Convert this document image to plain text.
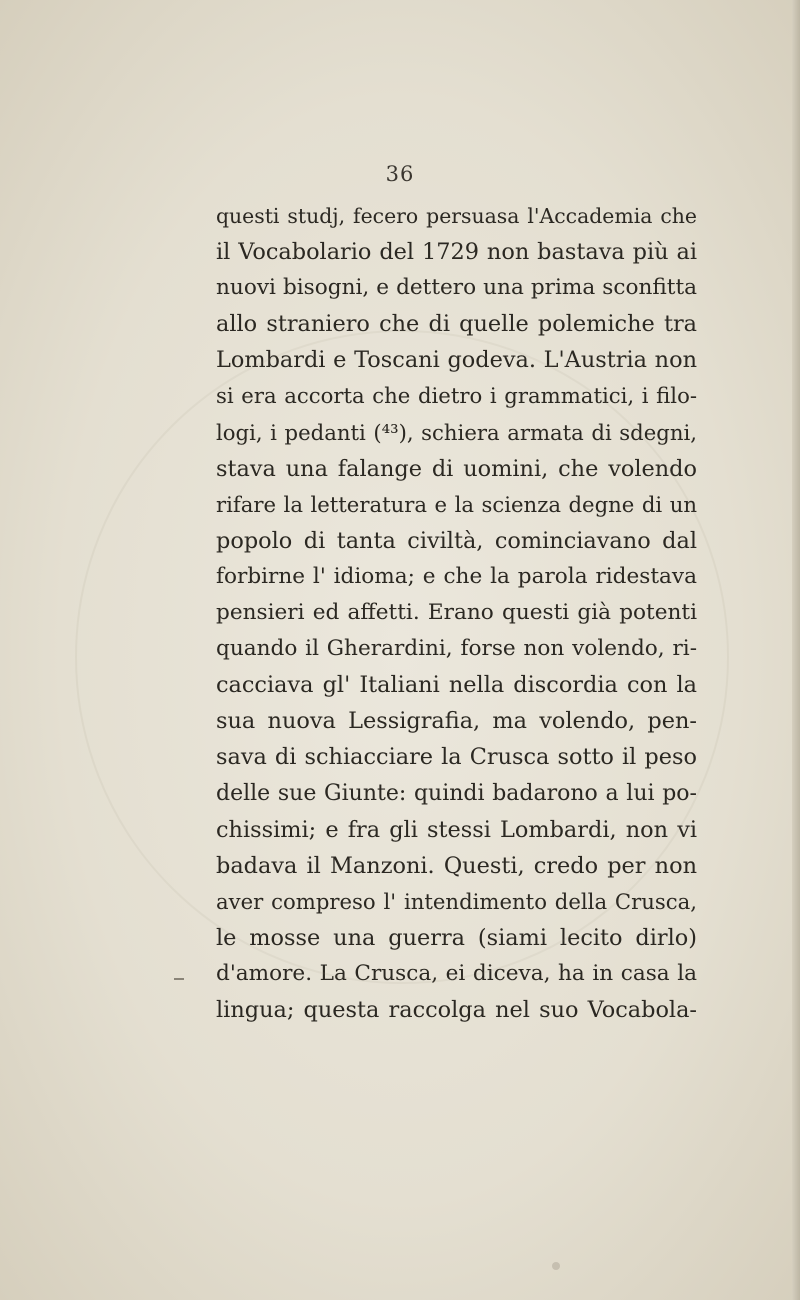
36
questi studj, fecero persuasa l'Accademia che
il Vocabolario del 1729 non bastava più ai
nuovi bisogni, e dettero una prima sconfitta
allo straniero che di quelle polemiche tra
Lombardi e Toscani godeva. L'Austria non
si era accorta che dietro i grammatici, i filo-
logi, i pedanti (⁴³), schiera armata di sdegni,
stava una falange di uomini, che volendo
rifare la letteratura e la scienza degne di un
popolo di tanta civiltà, cominciavano dal
forbirne l' idioma; e che la parola ridestava
pensieri ed affetti. Erano questi già potenti
quando il Gherardini, forse non volendo, ri-
cacciava gl' Italiani nella discordia con la
sua nuova Lessigrafia, ma volendo, pen-
sava di schiacciare la Crusca sotto il peso
delle sue Giunte: quindi badarono a lui po-
chissimi; e fra gli stessi Lombardi, non vi
badava il Manzoni. Questi, credo per non
aver compreso l' intendimento della Crusca,
le mosse una guerra (siami lecito dirlo)
d'amore. La Crusca, ei diceva, ha in casa la
lingua; questa raccolga nel suo Vocabola-
